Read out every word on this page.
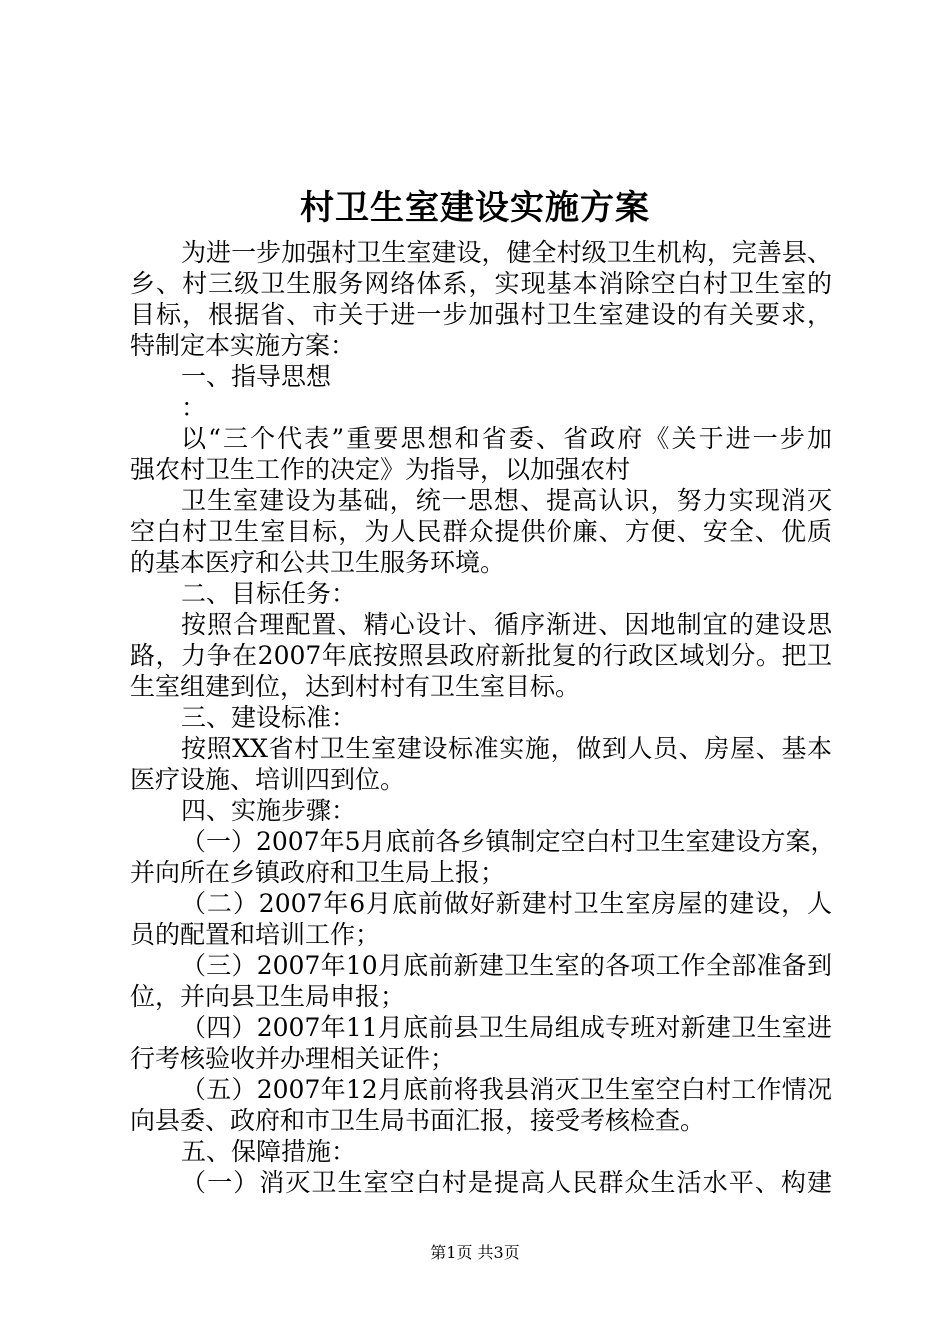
村卫生室建设实施方案
为进一步加强村卫生室建设，健全村级卫生机构，完善县、
乡、村三级卫生服务网络体系，实现基本消除空白村卫生室的
目标，根据省、市关于进一步加强村卫生室建设的有关要求，
特制定本实施方案：
一、指导思想
：
以“三个代表”重要思想和省委、省政府《关于进一步加
强农村卫生工作的决定》为指导，以加强农村
卫生室建设为基础，统一思想、提高认识，努力实现消灭
空白村卫生室目标，为人民群众提供价廉、方便、安全、优质
的基本医疗和公共卫生服务环境。
二、目标任务：
按照合理配置、精心设计、循序渐进、因地制宜的建设思
路，力争在2007年底按照县政府新批复的行政区域划分。把卫
生室组建到位，达到村村有卫生室目标。
三、建设标准：
按照XX省村卫生室建设标准实施，做到人员、房屋、基本
医疗设施、培训四到位。
四、实施步骤：
（一）2007年5月底前各乡镇制定空白村卫生室建设方案，
并向所在乡镇政府和卫生局上报；
（二）2007年6月底前做好新建村卫生室房屋的建设，人
员的配置和培训工作；
（三）2007年10月底前新建卫生室的各项工作全部准备到
位，并向县卫生局申报；
（四）2007年11月底前县卫生局组成专班对新建卫生室进
行考核验收并办理相关证件；
（五）2007年12月底前将我县消灭卫生室空白村工作情况
向县委、政府和市卫生局书面汇报，接受考核检查。
五、保障措施：
（一）消灭卫生室空白村是提高人民群众生活水平、构建
第1页 共3页
